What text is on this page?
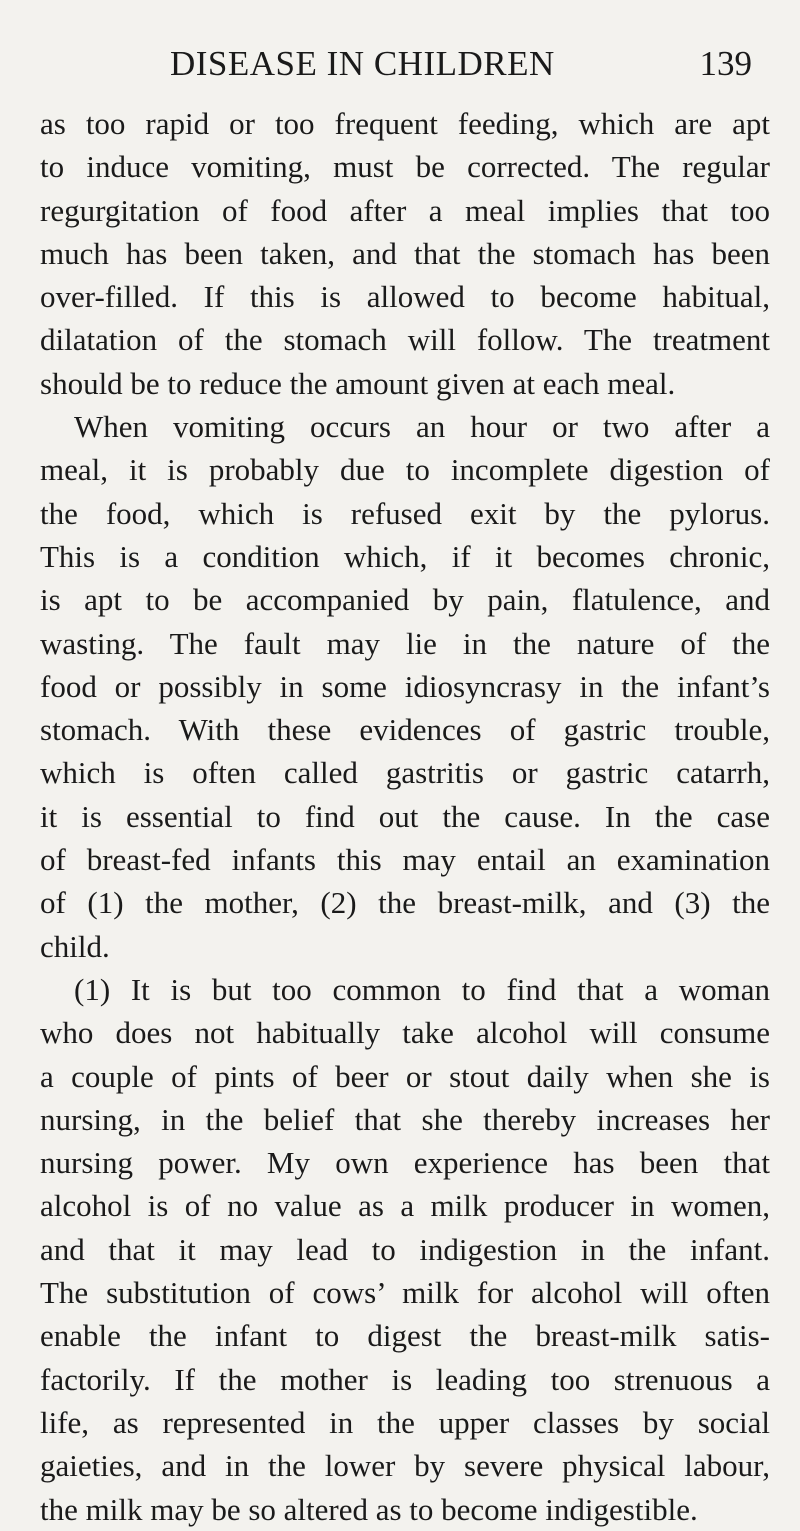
DISEASE IN CHILDREN	139
as too rapid or too frequent feeding, which are apt
to induce vomiting, must be corrected. The regular
regurgitation of food after a meal implies that too
much has been taken, and that the stomach has been
over-filled. If this is allowed to become habitual,
dilatation of the stomach will follow. The treatment
should be to reduce the amount given at each meal.
When vomiting occurs an hour or two after a
meal, it is probably due to incomplete digestion of
the food, which is refused exit by the pylorus.
This is a condition which, if it becomes chronic,
is apt to be accompanied by pain, flatulence, and
wasting. The fault may lie in the nature of the
food or possibly in some idiosyncrasy in the infant’s
stomach. With these evidences of gastric trouble,
which is often called gastritis or gastric catarrh,
it is essential to find out the cause. In the case
of breast-fed infants this may entail an examination
of (1) the mother, (2) the breast-milk, and (3) the
child.
(1) It is but too common to find that a woman
who does not habitually take alcohol will consume
a couple of pints of beer or stout daily when she is
nursing, in the belief that she thereby increases her
nursing power. My own experience has been that
alcohol is of no value as a milk producer in women,
and that it may lead to indigestion in the infant.
The substitution of cows’ milk for alcohol will often
enable the infant to digest the breast-milk satis-
factorily. If the mother is leading too strenuous a
life, as represented in the upper classes by social
gaieties, and in the lower by severe physical labour,
the milk may be so altered as to become indigestible.
